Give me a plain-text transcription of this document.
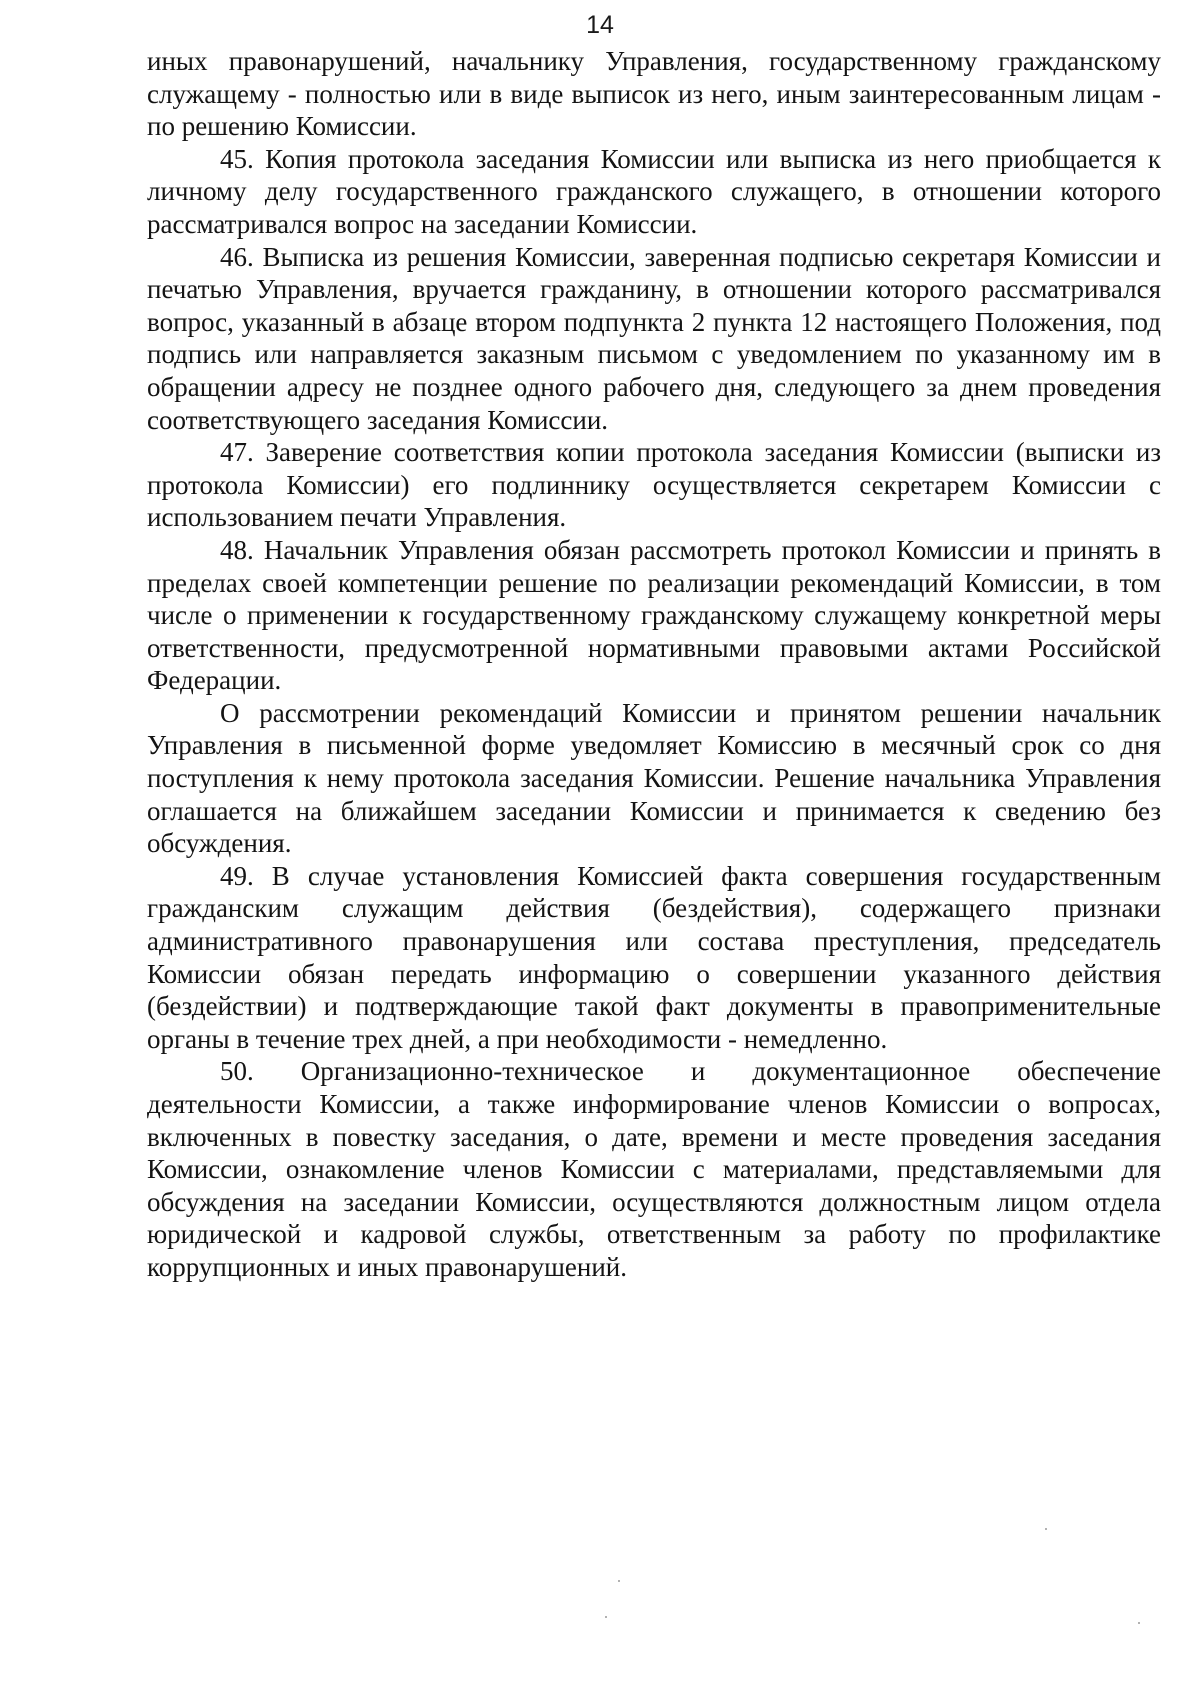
14

иных правонарушений, начальнику Управления, государственному гражданскому служащему - полностью или в виде выписок из него, иным заинтересованным лицам - по решению Комиссии.

45. Копия протокола заседания Комиссии или выписка из него приобщается к личному делу государственного гражданского служащего, в отношении которого рассматривался вопрос на заседании Комиссии.

46. Выписка из решения Комиссии, заверенная подписью секретаря Комиссии и печатью Управления, вручается гражданину, в отношении которого рассматривался вопрос, указанный в абзаце втором подпункта 2 пункта 12 настоящего Положения, под подпись или направляется заказным письмом с уведомлением по указанному им в обращении адресу не позднее одного рабочего дня, следующего за днем проведения соответствующего заседания Комиссии.

47. Заверение соответствия копии протокола заседания Комиссии (выписки из протокола Комиссии) его подлиннику осуществляется секретарем Комиссии с использованием печати Управления.

48. Начальник Управления обязан рассмотреть протокол Комиссии и принять в пределах своей компетенции решение по реализации рекомендаций Комиссии, в том числе о применении к государственному гражданскому служащему конкретной меры ответственности, предусмотренной нормативными правовыми актами Российской Федерации.

О рассмотрении рекомендаций Комиссии и принятом решении начальник Управления в письменной форме уведомляет Комиссию в месячный срок со дня поступления к нему протокола заседания Комиссии. Решение начальника Управления оглашается на ближайшем заседании Комиссии и принимается к сведению без обсуждения.

49. В случае установления Комиссией факта совершения государственным гражданским служащим действия (бездействия), содержащего признаки административного правонарушения или состава преступления, председатель Комиссии обязан передать информацию о совершении указанного действия (бездействии) и подтверждающие такой факт документы в правоприменительные органы в течение трех дней, а при необходимости - немедленно.

50. Организационно-техническое и документационное обеспечение деятельности Комиссии, а также информирование членов Комиссии о вопросах, включенных в повестку заседания, о дате, времени и месте проведения заседания Комиссии, ознакомление членов Комиссии с материалами, представляемыми для обсуждения на заседании Комиссии, осуществляются должностным лицом отдела юридической и кадровой службы, ответственным за работу по профилактике коррупционных и иных правонарушений.
